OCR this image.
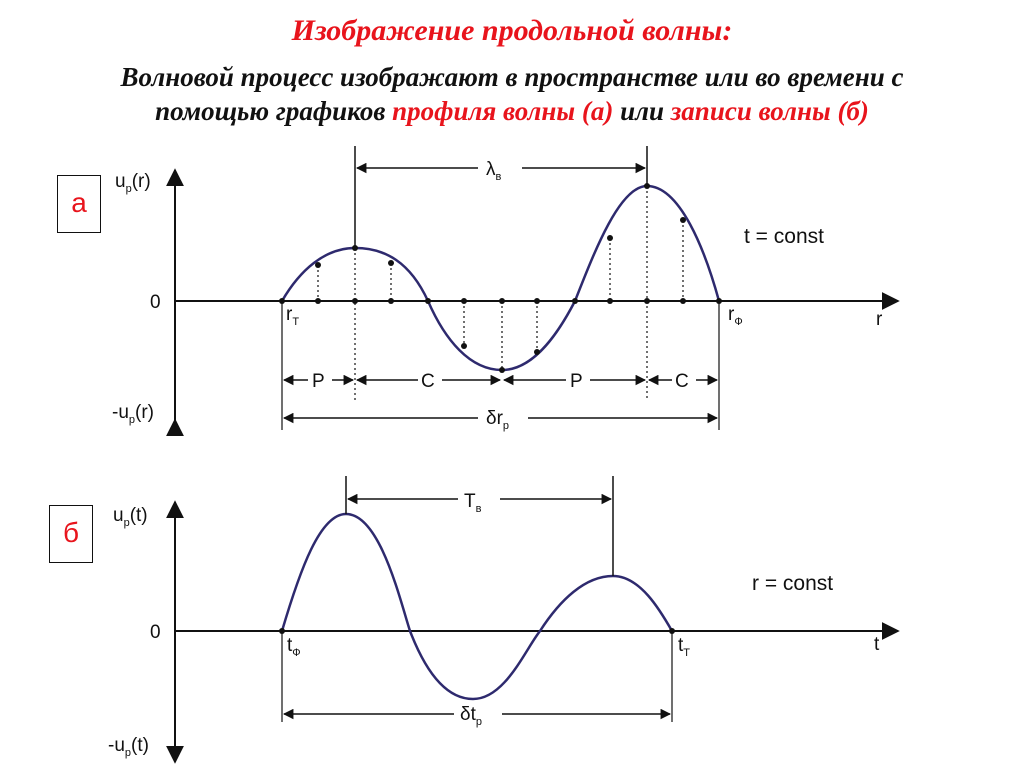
Изображение продольной волны:
Волновой процесс изображают в пространстве или во времени с
помощью графиков профиля волны (а) или записи волны (б)
а
б
$u_р(r)$
0
$-u_р(r)$
r
t = const
$r_Т$	$r_Ф$
$\lambda_в$
Р	С	Р	С
$\delta r_р$
$u_р(t)$
0
$-u_р(t)$
t
r = const
$t_Ф$	$t_Т$
$T_в$
$\delta t_р$
